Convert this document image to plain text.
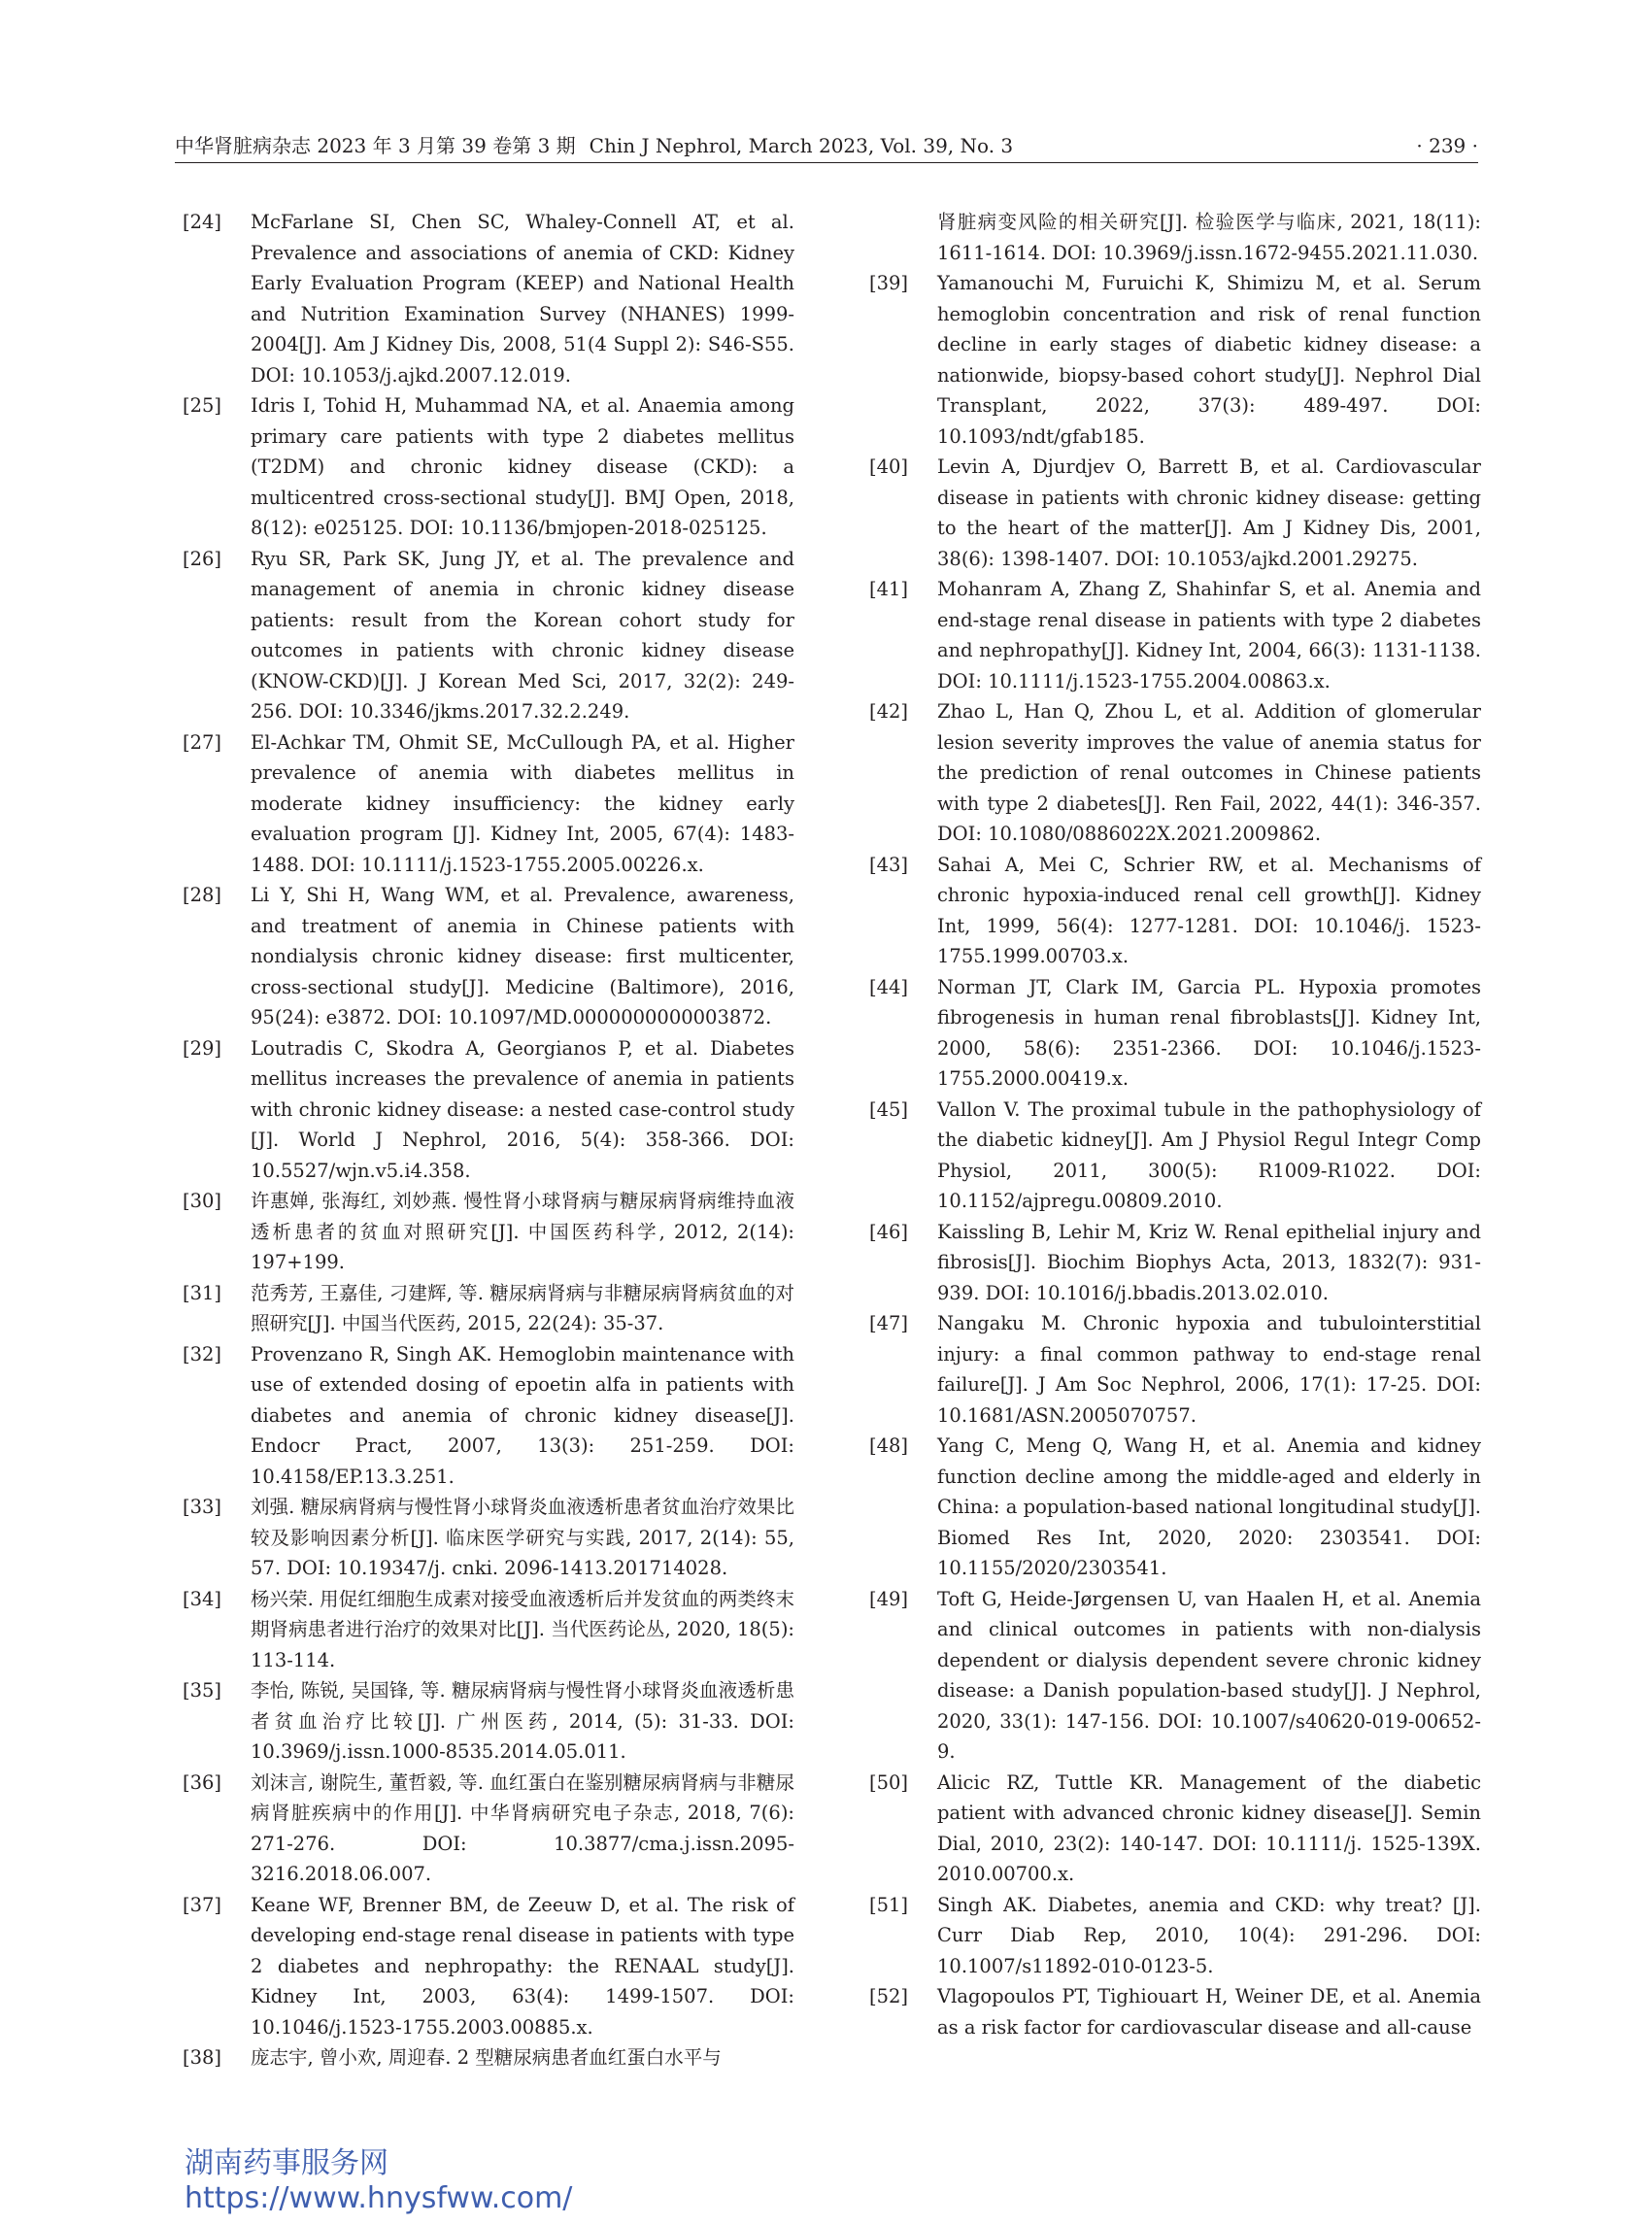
中华肾脏病杂志 2023 年 3 月第 39 卷第 3 期 Chin J Nephrol, March 2023, Vol. 39, No. 3	· 239 ·
[24] McFarlane SI, Chen SC, Whaley-Connell AT, et al. Prevalence and associations of anemia of CKD: Kidney Early Evaluation Program (KEEP) and National Health and Nutrition Examination Survey (NHANES) 1999-2004[J]. Am J Kidney Dis, 2008, 51(4 Suppl 2): S46-S55. DOI: 10.1053/j.ajkd.2007.12.019.
[25] Idris I, Tohid H, Muhammad NA, et al. Anaemia among primary care patients with type 2 diabetes mellitus (T2DM) and chronic kidney disease (CKD): a multicentred cross-sectional study[J]. BMJ Open, 2018, 8(12): e025125. DOI: 10.1136/bmjopen-2018-025125.
[26] Ryu SR, Park SK, Jung JY, et al. The prevalence and management of anemia in chronic kidney disease patients: result from the Korean cohort study for outcomes in patients with chronic kidney disease (KNOW-CKD)[J]. J Korean Med Sci, 2017, 32(2): 249-256. DOI: 10.3346/jkms.2017.32.2.249.
[27] El-Achkar TM, Ohmit SE, McCullough PA, et al. Higher prevalence of anemia with diabetes mellitus in moderate kidney insufficiency: the kidney early evaluation program [J]. Kidney Int, 2005, 67(4): 1483-1488. DOI: 10.1111/j.1523-1755.2005.00226.x.
[28] Li Y, Shi H, Wang WM, et al. Prevalence, awareness, and treatment of anemia in Chinese patients with nondialysis chronic kidney disease: first multicenter, cross-sectional study[J]. Medicine (Baltimore), 2016, 95(24): e3872. DOI: 10.1097/MD.0000000000003872.
[29] Loutradis C, Skodra A, Georgianos P, et al. Diabetes mellitus increases the prevalence of anemia in patients with chronic kidney disease: a nested case-control study [J]. World J Nephrol, 2016, 5(4): 358-366. DOI: 10.5527/wjn.v5.i4.358.
[30] 许惠婵, 张海红, 刘妙燕. 慢性肾小球肾病与糖尿病肾病维持血液透析患者的贫血对照研究[J]. 中国医药科学, 2012, 2(14): 197+199.
[31] 范秀芳, 王嘉佳, 刁建辉, 等. 糖尿病肾病与非糖尿病肾病贫血的对照研究[J]. 中国当代医药, 2015, 22(24): 35-37.
[32] Provenzano R, Singh AK. Hemoglobin maintenance with use of extended dosing of epoetin alfa in patients with diabetes and anemia of chronic kidney disease[J]. Endocr Pract, 2007, 13(3): 251-259. DOI: 10.4158/EP.13.3.251.
[33] 刘强. 糖尿病肾病与慢性肾小球肾炎血液透析患者贫血治疗效果比较及影响因素分析[J]. 临床医学研究与实践, 2017, 2(14): 55, 57. DOI: 10.19347/j. cnki. 2096-1413.201714028.
[34] 杨兴荣. 用促红细胞生成素对接受血液透析后并发贫血的两类终末期肾病患者进行治疗的效果对比[J]. 当代医药论丛, 2020, 18(5): 113-114.
[35] 李怡, 陈锐, 吴国锋, 等. 糖尿病肾病与慢性肾小球肾炎血液透析患者贫血治疗比较[J]. 广州医药, 2014, (5): 31-33. DOI: 10.3969/j.issn.1000-8535.2014.05.011.
[36] 刘沫言, 谢院生, 董哲毅, 等. 血红蛋白在鉴别糖尿病肾病与非糖尿病肾脏疾病中的作用[J]. 中华肾病研究电子杂志, 2018, 7(6): 271-276. DOI: 10.3877/cma.j.issn.2095-3216.2018.06.007.
[37] Keane WF, Brenner BM, de Zeeuw D, et al. The risk of developing end-stage renal disease in patients with type 2 diabetes and nephropathy: the RENAAL study[J]. Kidney Int, 2003, 63(4): 1499-1507. DOI: 10.1046/j.1523-1755.2003.00885.x.
[38] 庞志宇, 曾小欢, 周迎春. 2 型糖尿病患者血红蛋白水平与
肾脏病变风险的相关研究[J]. 检验医学与临床, 2021, 18(11): 1611-1614. DOI: 10.3969/j.issn.1672-9455.2021.11.030.
[39] Yamanouchi M, Furuichi K, Shimizu M, et al. Serum hemoglobin concentration and risk of renal function decline in early stages of diabetic kidney disease: a nationwide, biopsy-based cohort study[J]. Nephrol Dial Transplant, 2022, 37(3): 489-497. DOI: 10.1093/ndt/gfab185.
[40] Levin A, Djurdjev O, Barrett B, et al. Cardiovascular disease in patients with chronic kidney disease: getting to the heart of the matter[J]. Am J Kidney Dis, 2001, 38(6): 1398-1407. DOI: 10.1053/ajkd.2001.29275.
[41] Mohanram A, Zhang Z, Shahinfar S, et al. Anemia and end-stage renal disease in patients with type 2 diabetes and nephropathy[J]. Kidney Int, 2004, 66(3): 1131-1138. DOI: 10.1111/j.1523-1755.2004.00863.x.
[42] Zhao L, Han Q, Zhou L, et al. Addition of glomerular lesion severity improves the value of anemia status for the prediction of renal outcomes in Chinese patients with type 2 diabetes[J]. Ren Fail, 2022, 44(1): 346-357. DOI: 10.1080/0886022X.2021.2009862.
[43] Sahai A, Mei C, Schrier RW, et al. Mechanisms of chronic hypoxia-induced renal cell growth[J]. Kidney Int, 1999, 56(4): 1277-1281. DOI: 10.1046/j. 1523-1755.1999.00703.x.
[44] Norman JT, Clark IM, Garcia PL. Hypoxia promotes fibrogenesis in human renal fibroblasts[J]. Kidney Int, 2000, 58(6): 2351-2366. DOI: 10.1046/j.1523-1755.2000.00419.x.
[45] Vallon V. The proximal tubule in the pathophysiology of the diabetic kidney[J]. Am J Physiol Regul Integr Comp Physiol, 2011, 300(5): R1009-R1022. DOI: 10.1152/ajpregu.00809.2010.
[46] Kaissling B, Lehir M, Kriz W. Renal epithelial injury and fibrosis[J]. Biochim Biophys Acta, 2013, 1832(7): 931-939. DOI: 10.1016/j.bbadis.2013.02.010.
[47] Nangaku M. Chronic hypoxia and tubulointerstitial injury: a final common pathway to end-stage renal failure[J]. J Am Soc Nephrol, 2006, 17(1): 17-25. DOI: 10.1681/ASN.2005070757.
[48] Yang C, Meng Q, Wang H, et al. Anemia and kidney function decline among the middle-aged and elderly in China: a population-based national longitudinal study[J]. Biomed Res Int, 2020, 2020: 2303541. DOI: 10.1155/2020/2303541.
[49] Toft G, Heide-Jørgensen U, van Haalen H, et al. Anemia and clinical outcomes in patients with non-dialysis dependent or dialysis dependent severe chronic kidney disease: a Danish population-based study[J]. J Nephrol, 2020, 33(1): 147-156. DOI: 10.1007/s40620-019-00652-9.
[50] Alicic RZ, Tuttle KR. Management of the diabetic patient with advanced chronic kidney disease[J]. Semin Dial, 2010, 23(2): 140-147. DOI: 10.1111/j. 1525-139X. 2010.00700.x.
[51] Singh AK. Diabetes, anemia and CKD: why treat? [J]. Curr Diab Rep, 2010, 10(4): 291-296. DOI: 10.1007/s11892-010-0123-5.
[52] Vlagopoulos PT, Tighiouart H, Weiner DE, et al. Anemia as a risk factor for cardiovascular disease and all-cause
湖南药事服务网
https://www.hnysfww.com/
